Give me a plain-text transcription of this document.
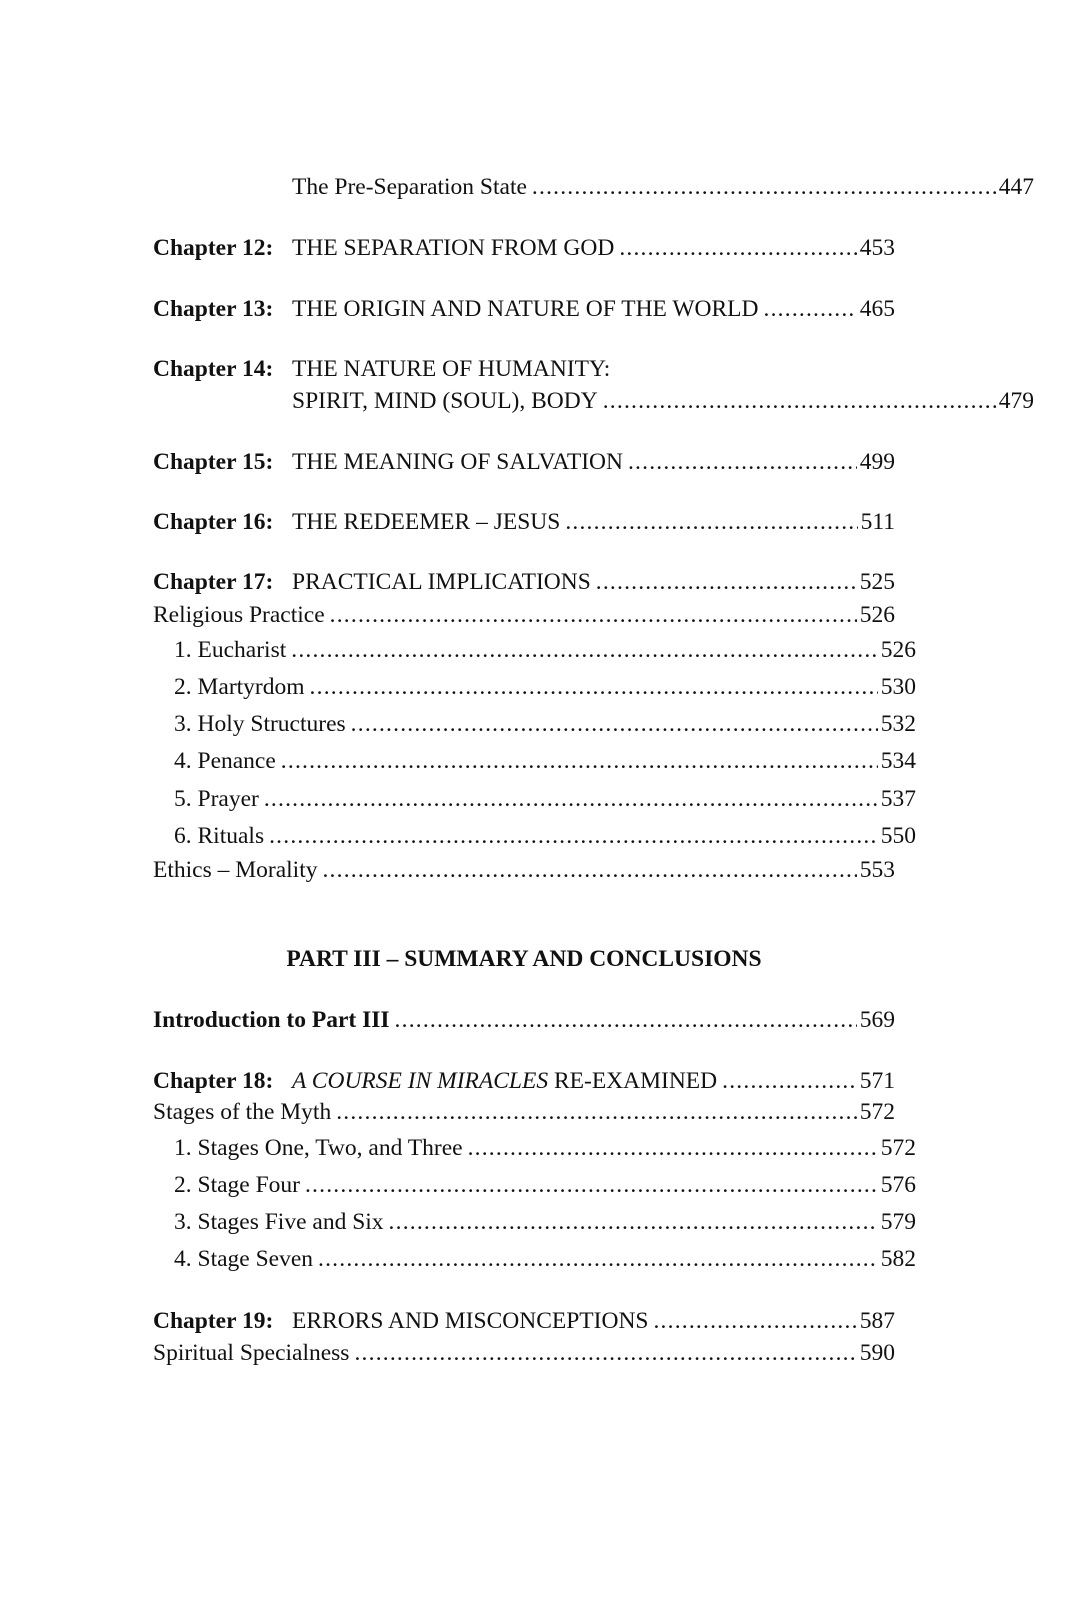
The Pre-Separation State .....	447
Chapter 12: THE SEPARATION FROM GOD .....	453
Chapter 13: THE ORIGIN AND NATURE OF THE WORLD .....	465
Chapter 14: THE NATURE OF HUMANITY:
SPIRIT, MIND (SOUL), BODY .....	479
Chapter 15: THE MEANING OF SALVATION .....	499
Chapter 16: THE REDEEMER – JESUS .....	511
Chapter 17: PRACTICAL IMPLICATIONS .....	525
Religious Practice .....	526
1. Eucharist .....	526
2. Martyrdom .....	530
3. Holy Structures .....	532
4. Penance .....	534
5. Prayer .....	537
6. Rituals .....	550
Ethics – Morality .....	553
PART III – SUMMARY AND CONCLUSIONS
Introduction to Part III .....	569
Chapter 18: A COURSE IN MIRACLES RE-EXAMINED .....	571
Stages of the Myth .....	572
1. Stages One, Two, and Three .....	572
2. Stage Four .....	576
3. Stages Five and Six .....	579
4. Stage Seven .....	582
Chapter 19: ERRORS AND MISCONCEPTIONS .....	587
Spiritual Specialness .....	590
